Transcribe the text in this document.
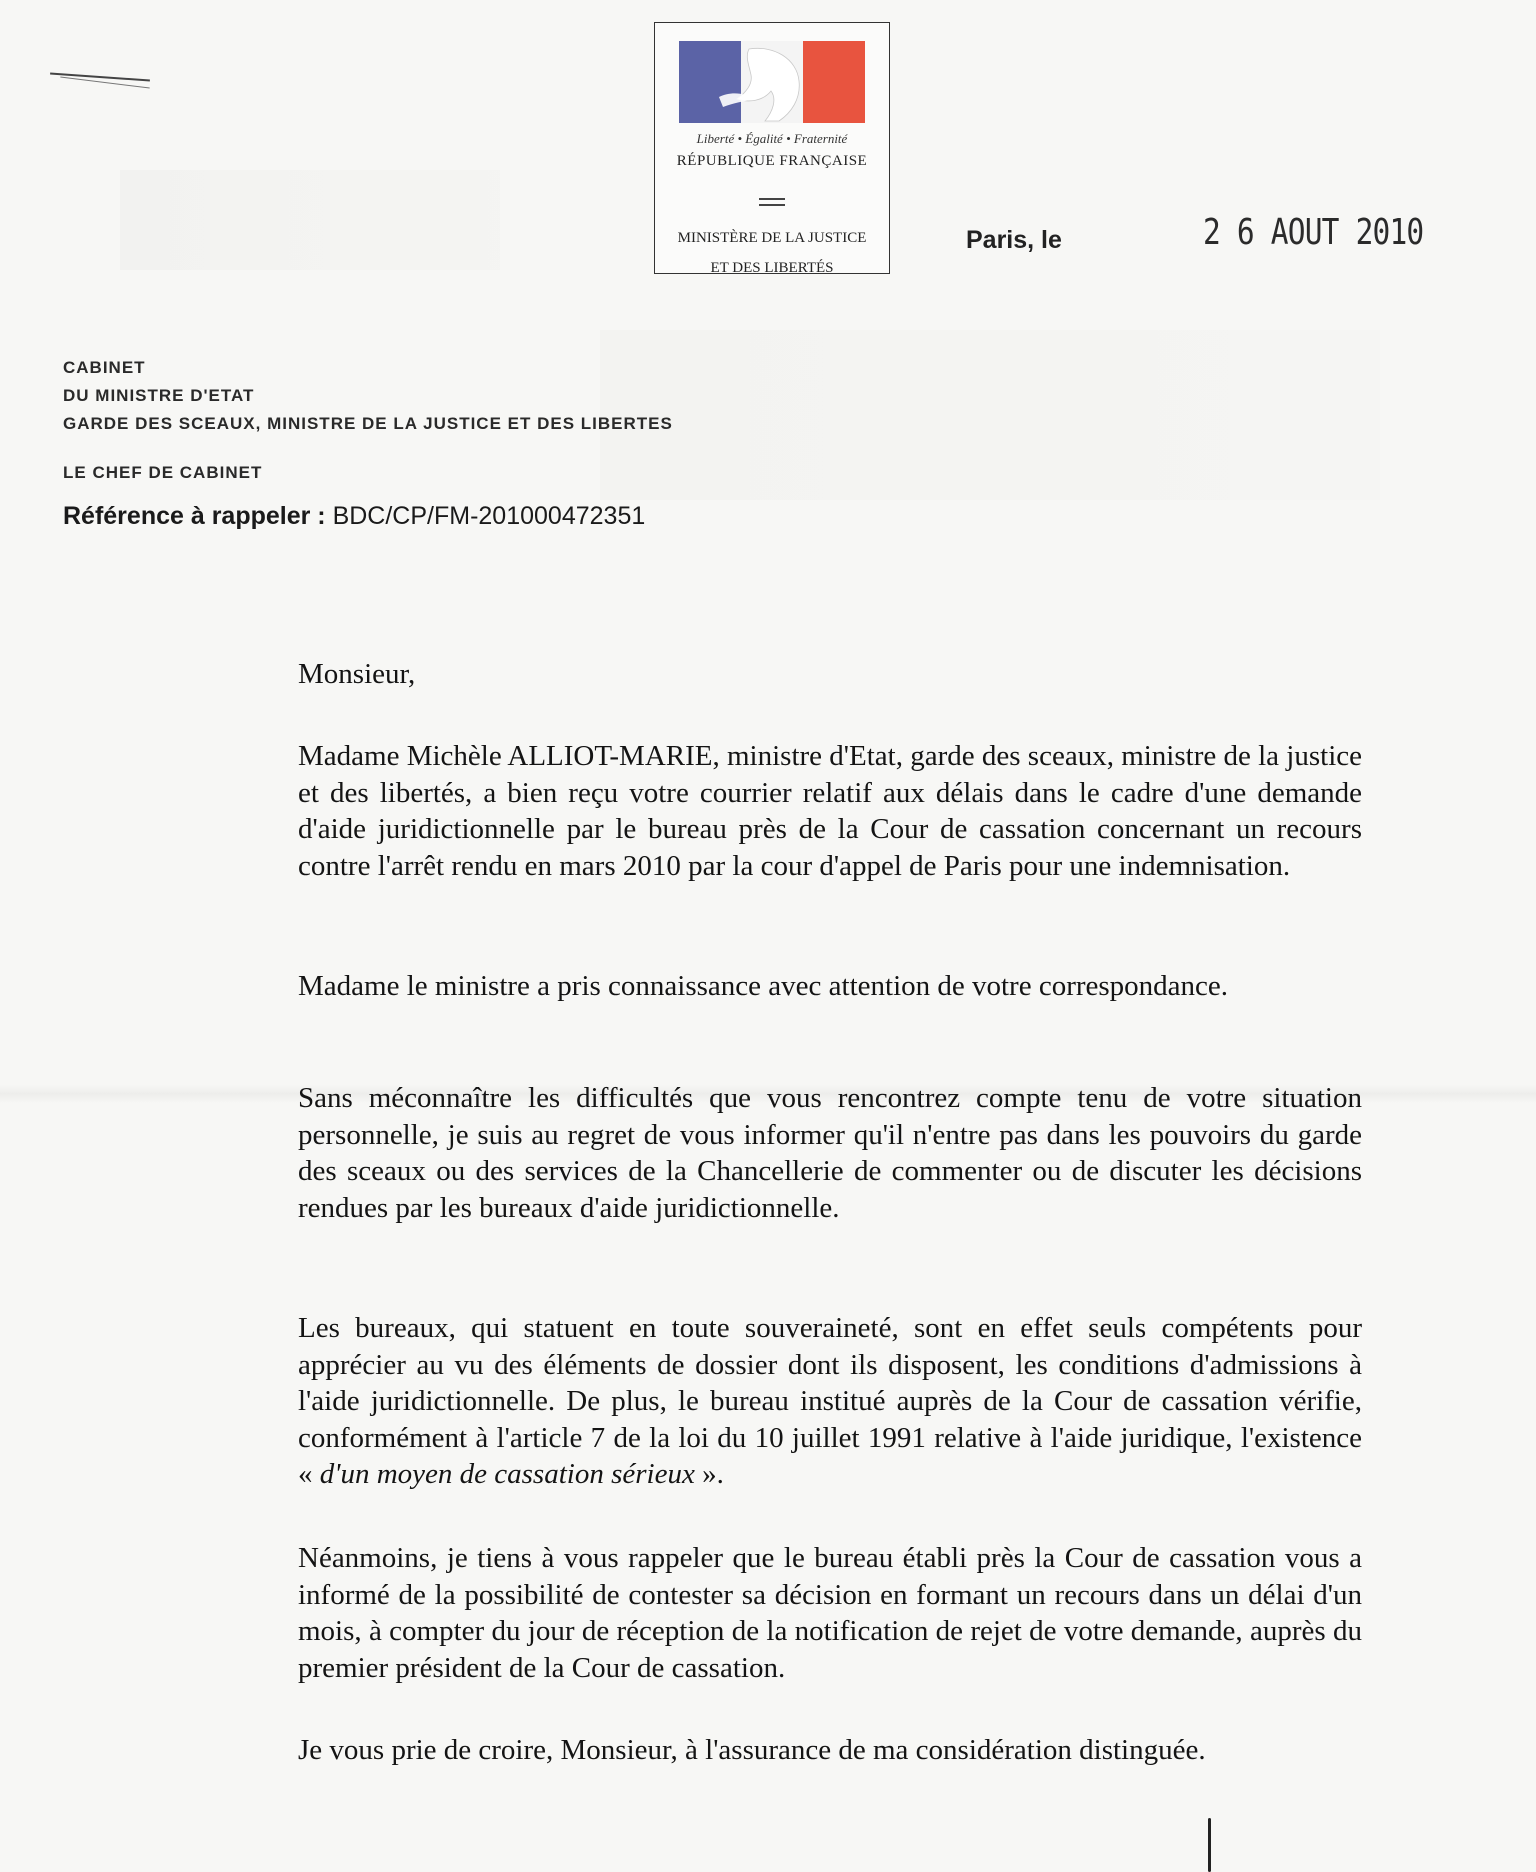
Liberté • Égalité • Fraternité
RÉPUBLIQUE FRANÇAISE
MINISTÈRE DE LA JUSTICE
ET DES LIBERTÉS
Paris, le	2 6 AOUT 2010
CABINET
DU MINISTRE D'ETAT
GARDE DES SCEAUX, MINISTRE DE LA JUSTICE ET DES LIBERTES
LE CHEF DE CABINET
Référence à rappeler : BDC/CP/FM-201000472351
Monsieur,
Madame Michèle ALLIOT-MARIE, ministre d'Etat, garde des sceaux, ministre de la justice et des libertés, a bien reçu votre courrier relatif aux délais dans le cadre d'une demande d'aide juridictionnelle par le bureau près de la Cour de cassation concernant un recours contre l'arrêt rendu en mars 2010 par la cour d'appel de Paris pour une indemnisation.
Madame le ministre a pris connaissance avec attention de votre correspondance.
Sans méconnaître les difficultés que vous rencontrez compte tenu de votre situation personnelle, je suis au regret de vous informer qu'il n'entre pas dans les pouvoirs du garde des sceaux ou des services de la Chancellerie de commenter ou de discuter les décisions rendues par les bureaux d'aide juridictionnelle.
Les bureaux, qui statuent en toute souveraineté, sont en effet seuls compétents pour apprécier au vu des éléments de dossier dont ils disposent, les conditions d'admissions à l'aide juridictionnelle. De plus, le bureau institué auprès de la Cour de cassation vérifie, conformément à l'article 7 de la loi du 10 juillet 1991 relative à l'aide juridique, l'existence « d'un moyen de cassation sérieux ».
Néanmoins, je tiens à vous rappeler que le bureau établi près la Cour de cassation vous a informé de la possibilité de contester sa décision en formant un recours dans un délai d'un mois, à compter du jour de réception de la notification de rejet de votre demande, auprès du premier président de la Cour de cassation.
Je vous prie de croire, Monsieur, à l'assurance de ma considération distinguée.
